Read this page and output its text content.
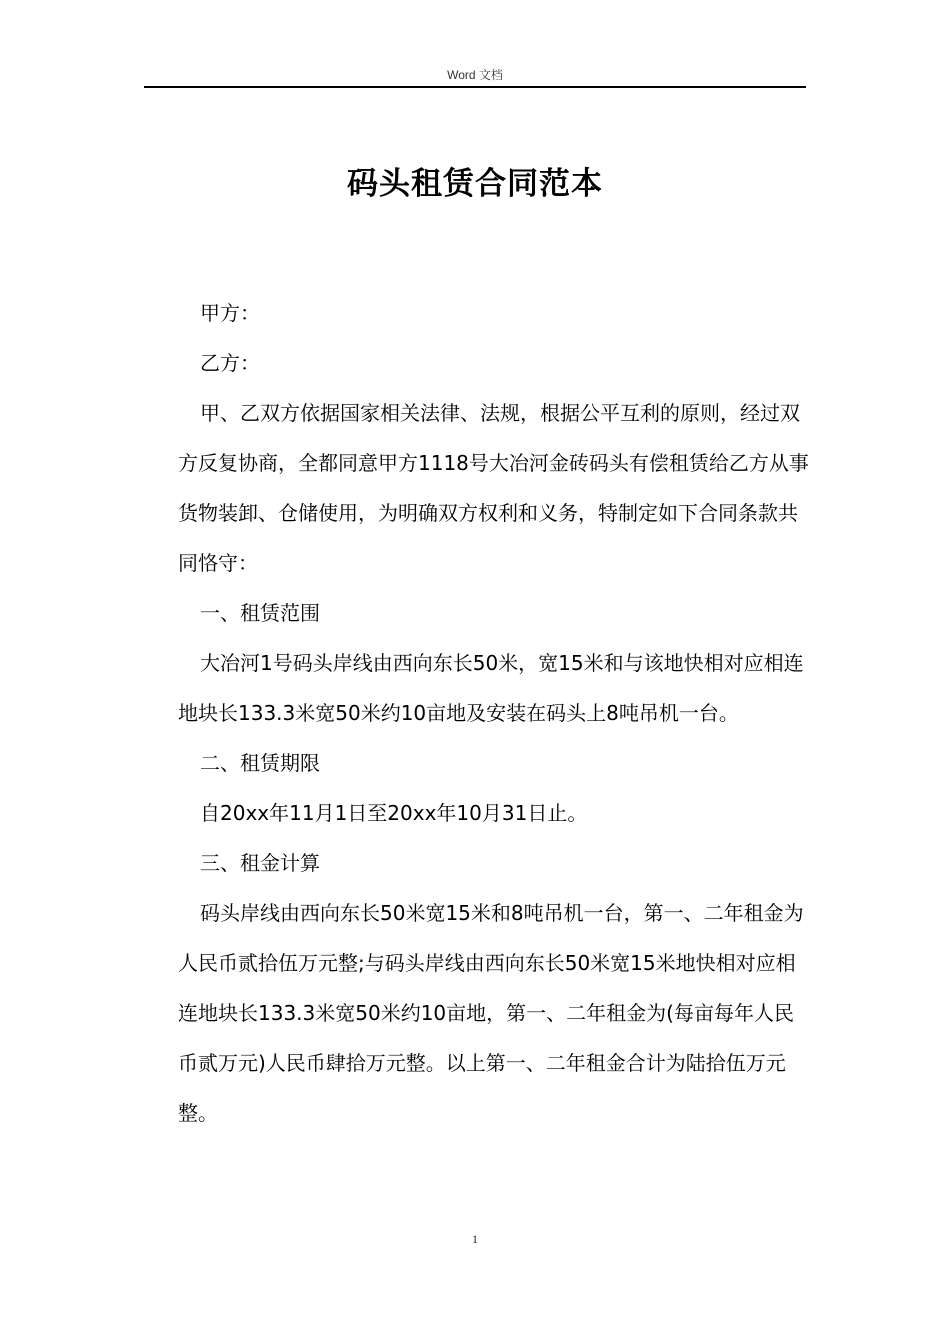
Word 文档
码头租赁合同范本

甲方：

乙方：

甲、乙双方依据国家相关法律、法规，根据公平互利的原则，经过双方反复协商，全都同意甲方1118号大冶河金砖码头有偿租赁给乙方从事货物装卸、仓储使用，为明确双方权利和义务，特制定如下合同条款共同恪守：

一、租赁范围

大冶河1号码头岸线由西向东长50米，宽15米和与该地快相对应相连地块长133.3米宽50米约10亩地及安装在码头上8吨吊机一台。

二、租赁期限

自20xx年11月1日至20xx年10月31日止。

三、租金计算

码头岸线由西向东长50米宽15米和8吨吊机一台，第一、二年租金为人民币贰拾伍万元整;与码头岸线由西向东长50米宽15米地快相对应相连地块长133.3米宽50米约10亩地，第一、二年租金为(每亩每年人民币贰万元)人民币肆拾万元整。以上第一、二年租金合计为陆拾伍万元整。

1
